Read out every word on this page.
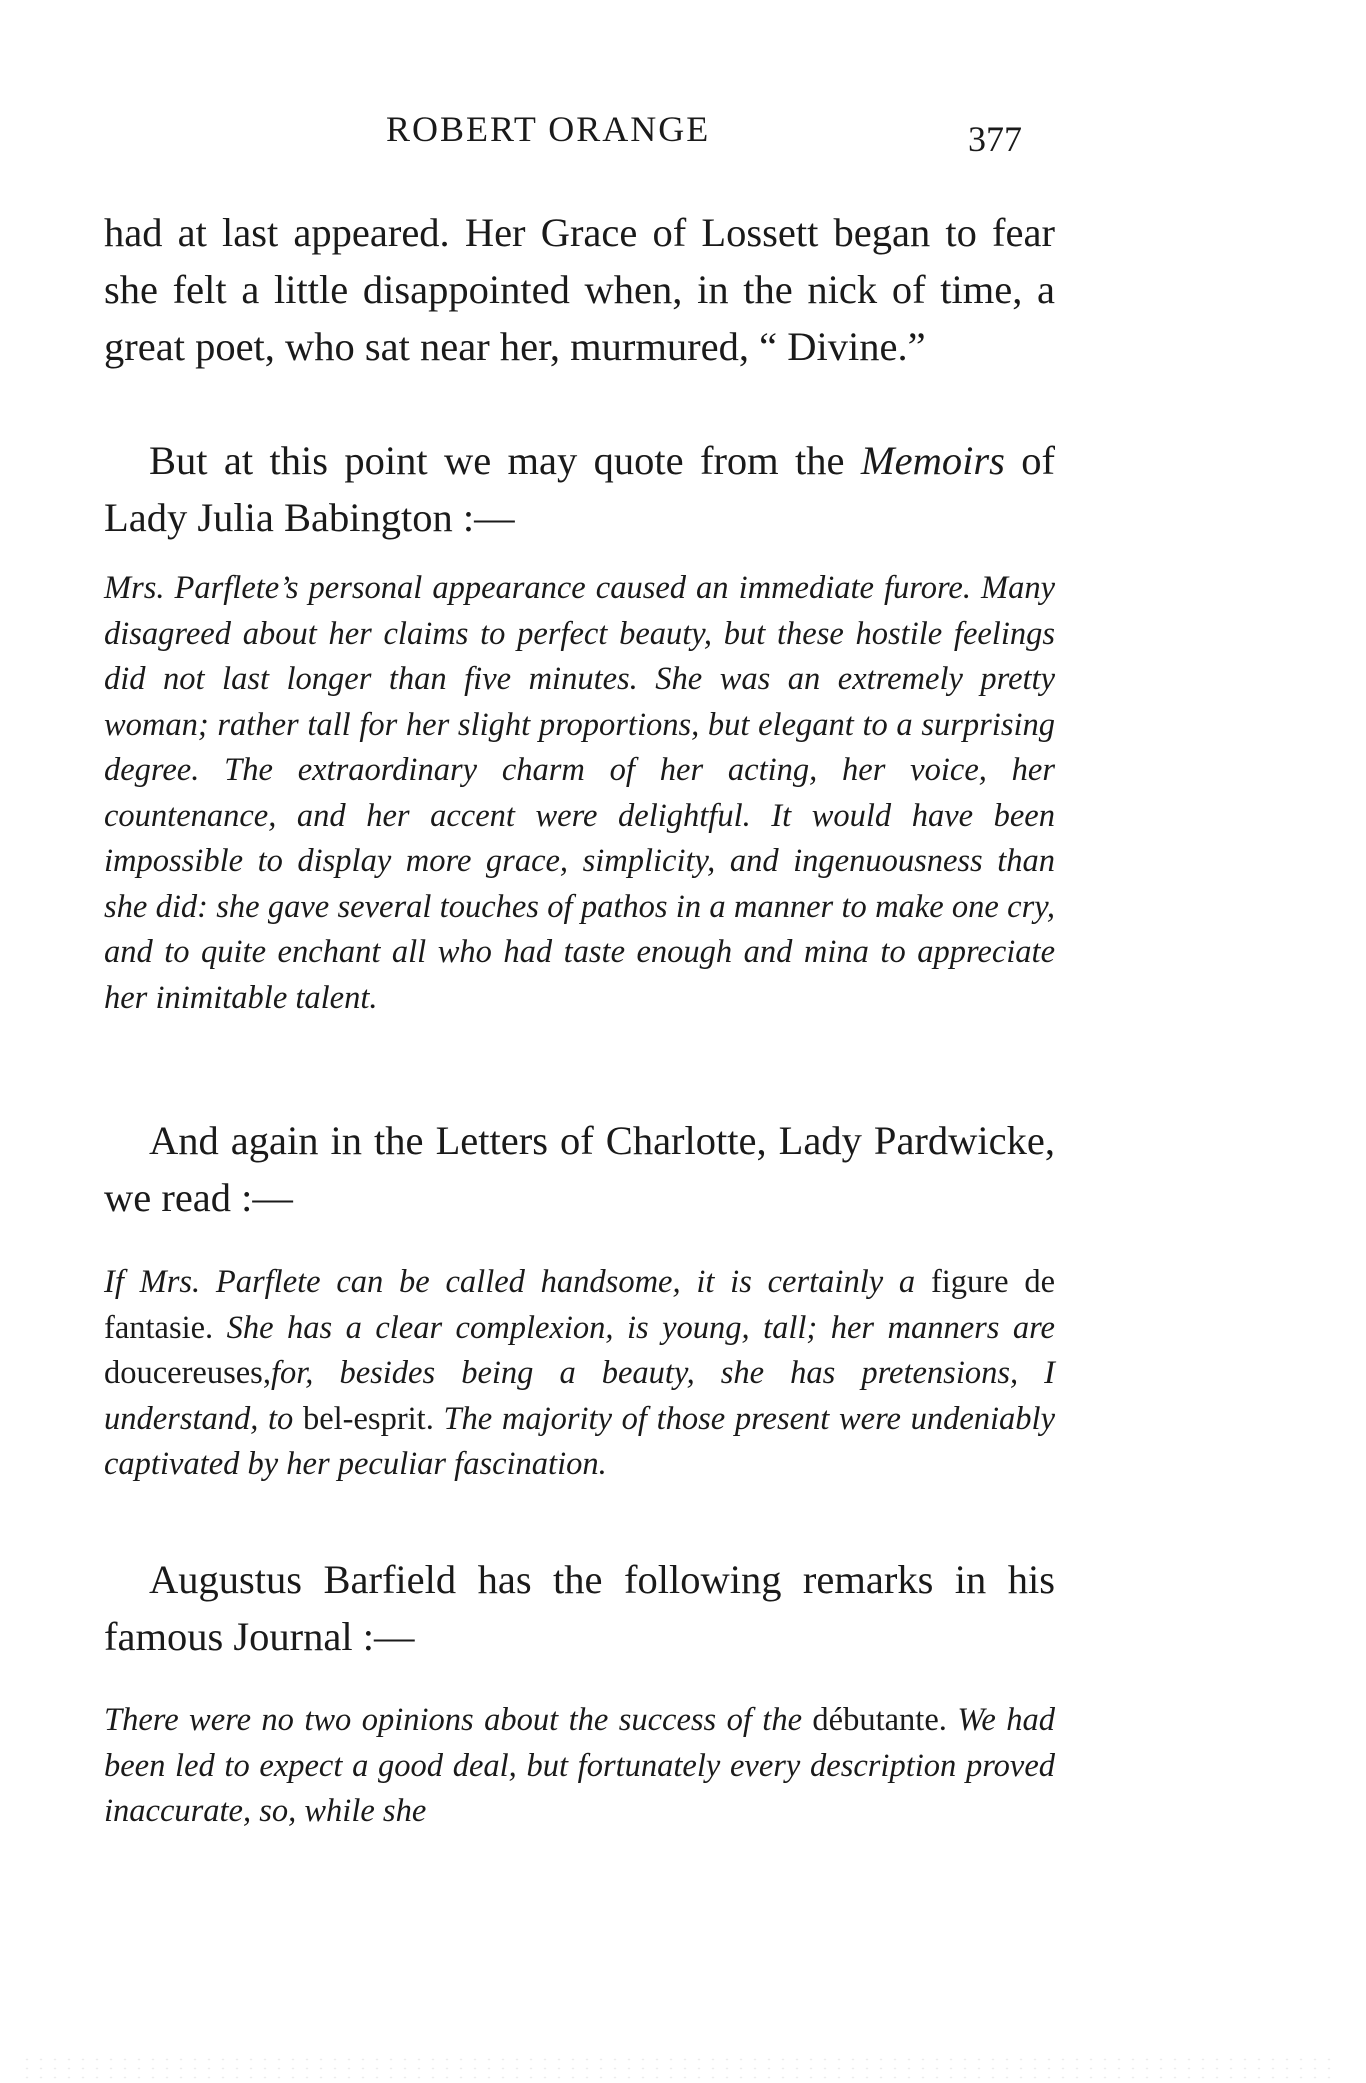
ROBERT ORANGE	377

had at last appeared. Her Grace of Lossett began to fear she felt a little disappointed when, in the nick of time, a great poet, who sat near her, murmured, “ Divine.”

But at this point we may quote from the Memoirs of Lady Julia Babington :—

Mrs. Parflete’s personal appearance caused an immediate furore. Many disagreed about her claims to perfect beauty, but these hostile feelings did not last longer than five minutes. She was an extremely pretty woman; rather tall for her slight proportions, but elegant to a surprising degree. The extraordinary charm of her acting, her voice, her countenance, and her accent were delightful. It would have been impossible to display more grace, simplicity, and ingenuousness than she did: she gave several touches of pathos in a manner to make one cry, and to quite enchant all who had taste enough and mina to appreciate her inimitable talent.

And again in the Letters of Charlotte, Lady Pardwicke, we read :—

If Mrs. Parflete can be called handsome, it is certainly a figure de fantasie. She has a clear complexion, is young, tall; her manners are doucereuses,for, besides being a beauty, she has pretensions, I understand, to bel-esprit. The majority of those present were undeniably captivated by her peculiar fascination.

Augustus Barfield has the following remarks in his famous Journal :—

There were no two opinions about the success of the débutante. We had been led to expect a good deal, but fortunately every description proved inaccurate, so, while she
